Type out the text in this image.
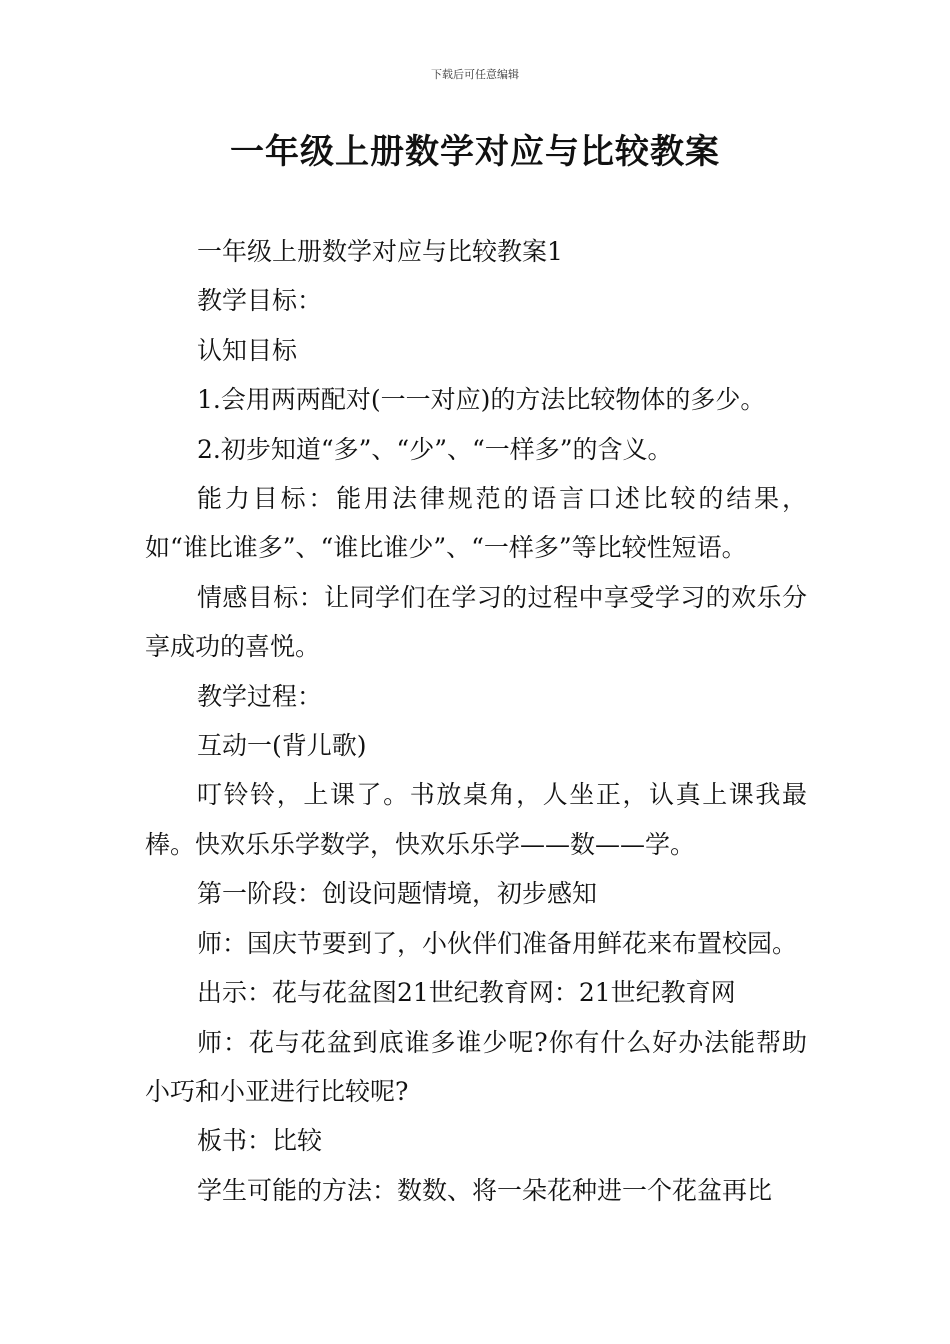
下载后可任意编辑
一年级上册数学对应与比较教案

一年级上册数学对应与比较教案1

教学目标：

认知目标

1.会用两两配对(一一对应)的方法比较物体的多少。

2.初步知道“多”、“少”、“一样多”的含义。

能力目标：能用法律规范的语言口述比较的结果，如“谁比谁多”、“谁比谁少”、“一样多”等比较性短语。

情感目标：让同学们在学习的过程中享受学习的欢乐分享成功的喜悦。

教学过程：

互动一(背儿歌)

叮铃铃，上课了。书放桌角，人坐正，认真上课我最棒。快欢乐乐学数学，快欢乐乐学——数——学。

第一阶段：创设问题情境，初步感知

师：国庆节要到了，小伙伴们准备用鲜花来布置校园。

出示：花与花盆图21世纪教育网：21世纪教育网

师：花与花盆到底谁多谁少呢?你有什么好办法能帮助小巧和小亚进行比较呢?

板书：比较

学生可能的方法：数数、将一朵花种进一个花盆再比
